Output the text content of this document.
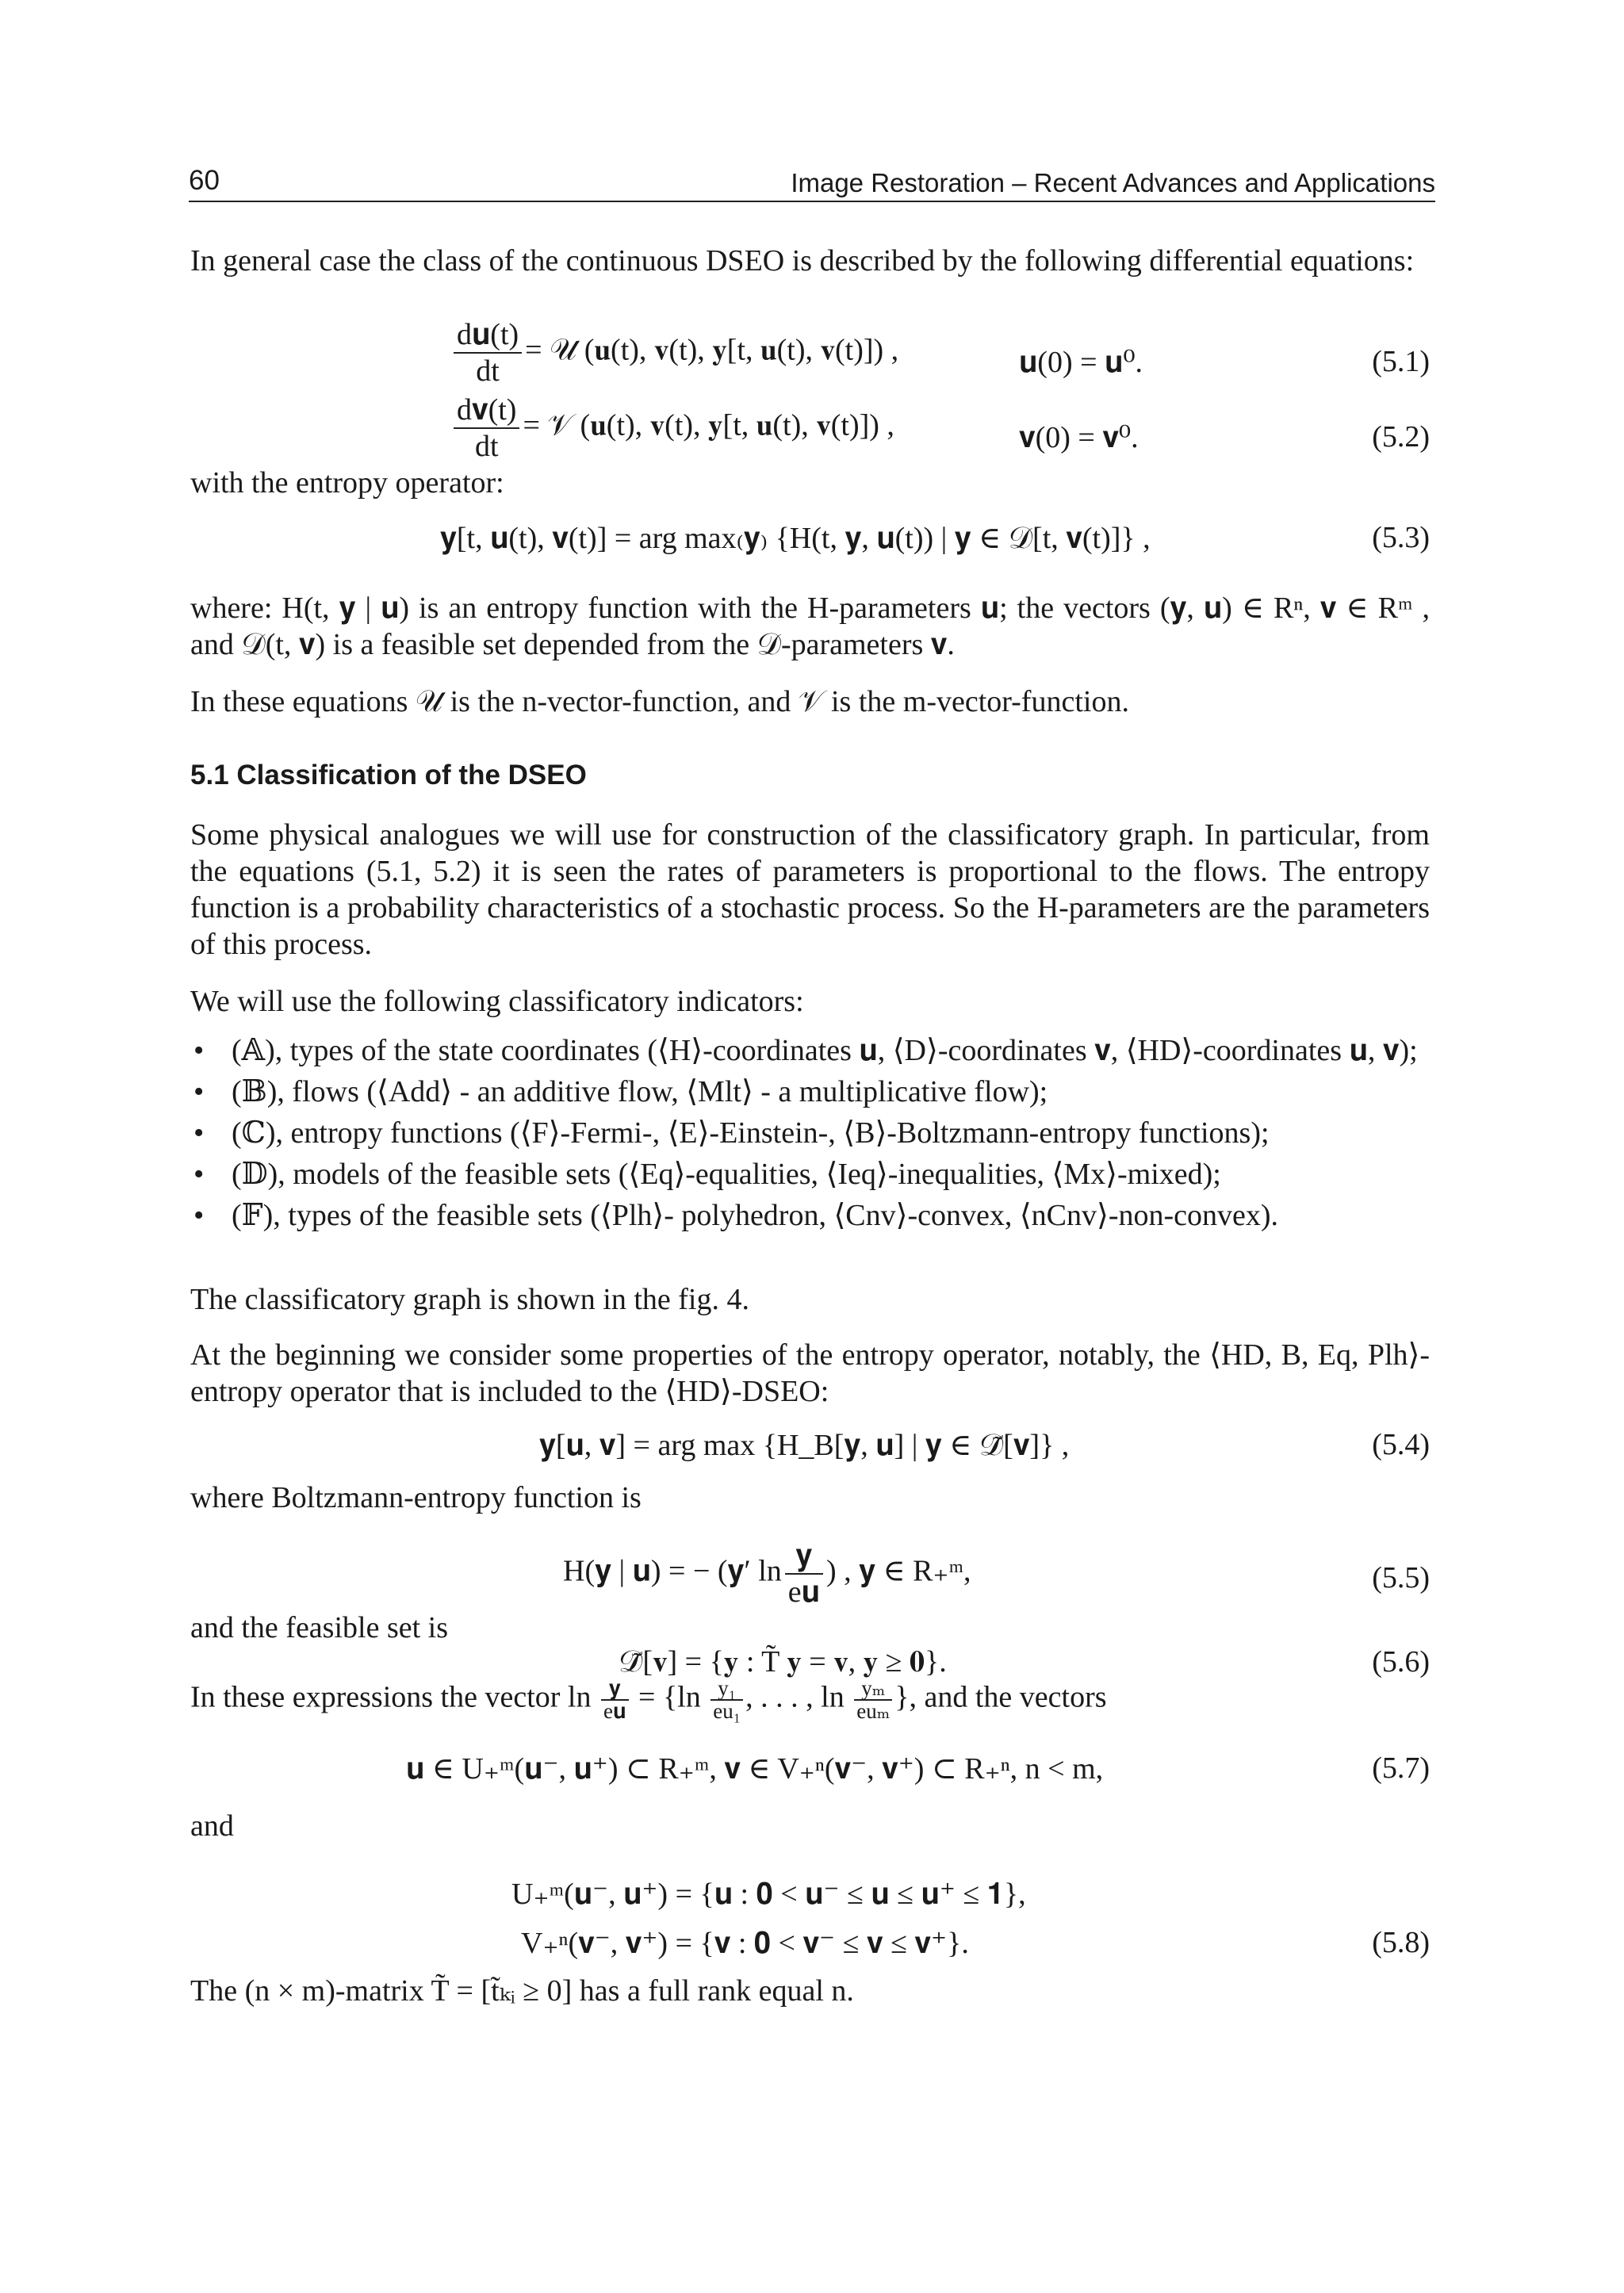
60	Image Restoration – Recent Advances and Applications
In general case the class of the continuous DSEO is described by the following differential equations:
$\frac{\text{d𝐮(t)}}{dt}$ = 𝒰 (𝐮(t), 𝐯(t), 𝐲[t, 𝐮(t), 𝐯(t)]) ,	𝐮(0) = 𝐮⁰.	(5.1)
$\frac{\text{d𝐯(t)}}{dt}$ = 𝒱 (𝐮(t), 𝐯(t), 𝐲[t, 𝐮(t), 𝐯(t)]) ,	𝐯(0) = 𝐯⁰.	(5.2)
with the entropy operator:
𝐲[t, 𝐮(t), 𝐯(t)] = arg max₍𝐲₎ {H(t, 𝐲, 𝐮(t)) | 𝐲 ∈ 𝒟[t, 𝐯(t)]} ,	(5.3)
where: H(t, 𝐲 | 𝐮) is an entropy function with the H-parameters 𝐮; the vectors (𝐲, 𝐮) ∈ Rⁿ, 𝐯 ∈ Rᵐ , and 𝒟(t, 𝐯) is a feasible set depended from the 𝒟-parameters 𝐯.
In these equations 𝒰 is the n-vector-function, and 𝒱 is the m-vector-function.
5.1 Classification of the DSEO
Some physical analogues we will use for construction of the classificatory graph. In particular, from the equations (5.1, 5.2) it is seen the rates of parameters is proportional to the flows. The entropy function is a probability characteristics of a stochastic process. So the H-parameters are the parameters of this process.
We will use the following classificatory indicators:
• (𝔸), types of the state coordinates (⟨H⟩-coordinates 𝐮, ⟨D⟩-coordinates 𝐯, ⟨HD⟩-coordinates 𝐮, 𝐯);
• (𝔹), flows (⟨Add⟩ - an additive flow, ⟨Mlt⟩ - a multiplicative flow);
• (ℂ), entropy functions (⟨F⟩-Fermi-, ⟨E⟩-Einstein-, ⟨B⟩-Boltzmann-entropy functions);
• (𝔻), models of the feasible sets (⟨Eq⟩-equalities, ⟨Ieq⟩-inequalities, ⟨Mx⟩-mixed);
• (𝔽), types of the feasible sets (⟨Plh⟩- polyhedron, ⟨Cnv⟩-convex, ⟨nCnv⟩-non-convex).
The classificatory graph is shown in the fig. 4.
At the beginning we consider some properties of the entropy operator, notably, the ⟨HD, B, Eq, Plh⟩-entropy operator that is included to the ⟨HD⟩-DSEO:
𝐲[𝐮, 𝐯] = arg max {H_B[𝐲, 𝐮] | 𝐲 ∈ 𝒟̃[𝐯]} ,	(5.4)
where Boltzmann-entropy function is
H(𝐲 | 𝐮) = − (𝐲′ $\ln \frac{\text{𝐲}}{\text{e𝐮}}$ ) , 𝐲 ∈ R₊ᵐ,	(5.5)
and the feasible set is
𝒟̃[𝐯] = {𝐲 : T̃ 𝐲 = 𝐯, 𝐲 ≥ 𝟎}.	(5.6)
In these expressions the vector ln 𝐲
e𝐮 = {$\ln \frac{\text{y₁}}{\text{eu₁}}$ , . . . , ln yₘ
euₘ }, and the vectors
𝐮 ∈ U₊ᵐ(𝐮⁻, 𝐮⁺) ⊂ R₊ᵐ, 𝐯 ∈ V₊ⁿ(𝐯⁻, 𝐯⁺) ⊂ R₊ⁿ, n < m,	(5.7)
and
U₊ᵐ(𝐮⁻, 𝐮⁺) = {𝐮 : 𝟎 < 𝐮⁻ ≤ 𝐮 ≤ 𝐮⁺ ≤ 𝟏},
V₊ⁿ(𝐯⁻, 𝐯⁺) = {𝐯 : 𝟎 < 𝐯⁻ ≤ 𝐯 ≤ 𝐯⁺}.	(5.8)
The (n × m)-matrix T̃ = [t̃ₖᵢ ≥ 0] has a full rank equal n.
